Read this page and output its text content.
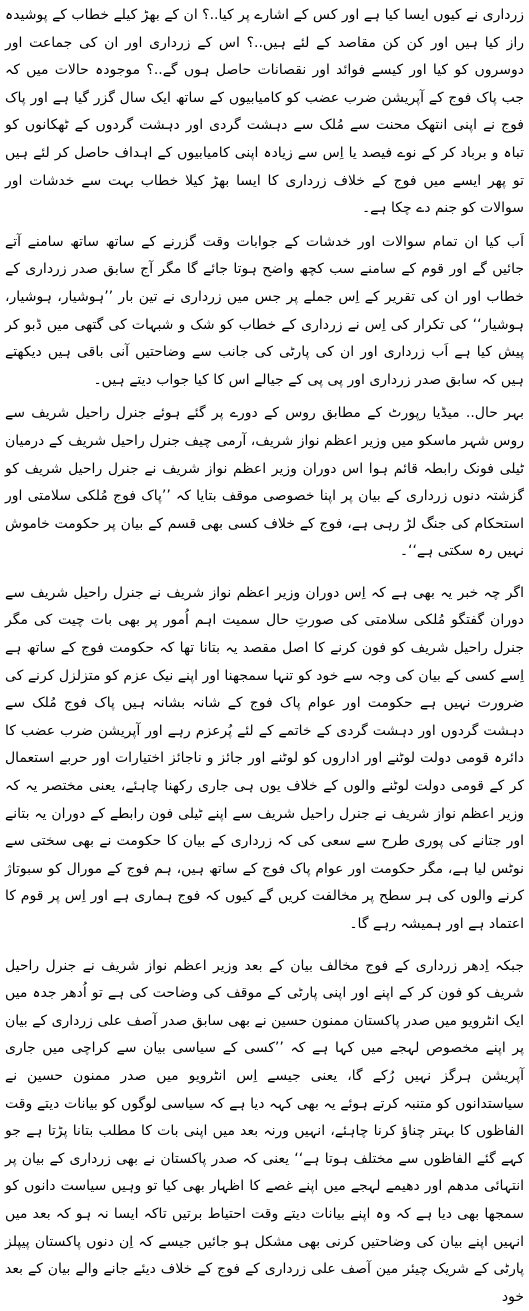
زرداری نے کیوں ایسا کیا ہے اور کس کے اشارے پر کیا..؟ ان کے بھڑ کیلے خطاب کے پوشیدہ راز کیا ہیں اور کن کن مقاصد کے لئے ہیں..؟ اس کے زرداری اور ان کی جماعت اور دوسروں کو کیا اور کیسے فوائد اور نقصانات حاصل ہوں گے..؟ موجودہ حالات میں کہ جب پاک فوج کے آپریشن ضرب عضب کو کامیابیوں کے ساتھ ایک سال گزر گیا ہے اور پاک فوج نے اپنی انتھک محنت سے مُلک سے دہشت گردی اور دہشت گردوں کے ٹھکانوں کو تباہ و برباد کر کے نوے فیصد یا اِس سے زیادہ اپنی کامیابیوں کے اہداف حاصل کر لئے ہیں تو پھر ایسے میں فوج کے خلاف زرداری کا ایسا بھڑ کیلا خطاب بہت سے خدشات اور سوالات کو جنم دے چکا ہے۔

اَب کیا ان تمام سوالات اور خدشات کے جوابات وقت گزرنے کے ساتھ ساتھ سامنے آتے جائیں گے اور قوم کے سامنے سب کچھ واضح ہوتا جائے گا مگر آج سابق صدر زرداری کے خطاب اور ان کی تقریر کے اِس جملے پر جس میں زرداری نے تین بار ’’ہوشیار، ہوشیار، ہوشیار‘‘ کی تکرار کی اِس نے زرداری کے خطاب کو شک و شبہات کی گتھی میں ڈبو کر پیش کیا ہے اَب زرداری اور ان کی پارٹی کی جانب سے وضاحتیں آنی باقی ہیں دیکھتے ہیں کہ سابق صدر زرداری اور پی پی کے جیالے اس کا کیا جواب دیتے ہیں۔

بہر حال.. میڈیا رپورٹ کے مطابق روس کے دورے پر گئے ہوئے جنرل راحیل شریف سے روس شہر ماسکو میں وزیر اعظم نواز شریف، آرمی چیف جنرل راحیل شریف کے درمیان ٹیلی فونک رابطہ قائم ہوا اس دوران وزیر اعظم نواز شریف نے جنرل راحیل شریف کو گزشتہ دنوں زرداری کے بیان پر اپنا خصوصی موقف بتایا کہ ’’پاک فوج مُلکی سلامتی اور استحکام کی جنگ لڑ رہی ہے، فوج کے خلاف کسی بھی قسم کے بیان پر حکومت خاموش نہیں رہ سکتی ہے‘‘۔

اگر چہ خبر یہ بھی ہے کہ اِس دوران وزیر اعظم نواز شریف نے جنرل راحیل شریف سے دوران گفتگو مُلکی سلامتی کی صورتِ حال سمیت اہم اُمور پر بھی بات چیت کی مگر جنرل راحیل شریف کو فون کرنے کا اصل مقصد یہ بتانا تھا کہ حکومت فوج کے ساتھ ہے اِسے کسی کے بیان کی وجہ سے خود کو تنہا سمجھنا اور اپنے نیک عزم کو متزلزل کرنے کی ضرورت نہیں ہے حکومت اور عوام پاک فوج کے شانہ بشانہ ہیں پاک فوج مُلک سے دہشت گردوں اور دہشت گردی کے خاتمے کے لئے پُرعزم رہے اور آپریشن ضرب عضب کا دائرہ قومی دولت لوٹنے اور اداروں کو لوٹنے اور جائز و ناجائز اختیارات اور حربے استعمال کر کے قومی دولت لوٹنے والوں کے خلاف یوں ہی جاری رکھنا چاہئے، یعنی مختصر یہ کہ وزیر اعظم نواز شریف نے جنرل راحیل شریف سے اپنے ٹیلی فون رابطے کے دوران یہ بتانے اور جتانے کی پوری طرح سے سعی کی کہ زرداری کے بیان کا حکومت نے بھی سختی سے نوٹس لیا ہے، مگر حکومت اور عوام پاک فوج کے ساتھ ہیں، ہم فوج کے مورال کو سبوتاژ کرنے والوں کی ہر سطح پر مخالفت کریں گے کیوں کہ فوج ہماری ہے اور اِس پر قوم کا اعتماد ہے اور ہمیشہ رہے گا۔

جبکہ اِدھر زرداری کے فوج مخالف بیان کے بعد وزیر اعظم نواز شریف نے جنرل راحیل شریف کو فون کر کے اپنے اور اپنی پارٹی کے موقف کی وضاحت کی ہے تو اُدھر جدہ میں ایک انٹرویو میں صدر پاکستان ممنون حسین نے بھی سابق صدر آصف علی زرداری کے بیان پر اپنے مخصوص لہجے میں کہا ہے کہ ’’کسی کے سیاسی بیان سے کراچی میں جاری آپریشن ہرگز نہیں رُکے گا، یعنی جیسے اِس انٹرویو میں صدر ممنون حسین نے سیاستدانوں کو متنبہ کرتے ہوئے یہ بھی کہہ دیا ہے کہ سیاسی لوگوں کو بیانات دیتے وقت الفاظوں کا بہتر چناؤ کرنا چاہئے، انہیں ورنہ بعد میں اپنی بات کا مطلب بتانا پڑتا ہے جو کہے گئے الفاظوں سے مختلف ہوتا ہے‘‘ یعنی کہ صدر پاکستان نے بھی زرداری کے بیان پر انتہائی مدھم اور دھیمے لہجے میں اپنے غصے کا اظہار بھی کیا تو وہیں سیاست دانوں کو سمجھا بھی دیا ہے کہ وہ اپنے بیانات دیتے وقت احتیاط برتیں تاکہ ایسا نہ ہو کہ بعد میں انہیں اپنے بیان کی وضاحتیں کرنی بھی مشکل ہو جائیں جیسے کہ اِن دنوں پاکستان پیپلز پارٹی کے شریک چیئر مین آصف علی زرداری کے فوج کے خلاف دیئے جانے والے بیان کے بعد خود
